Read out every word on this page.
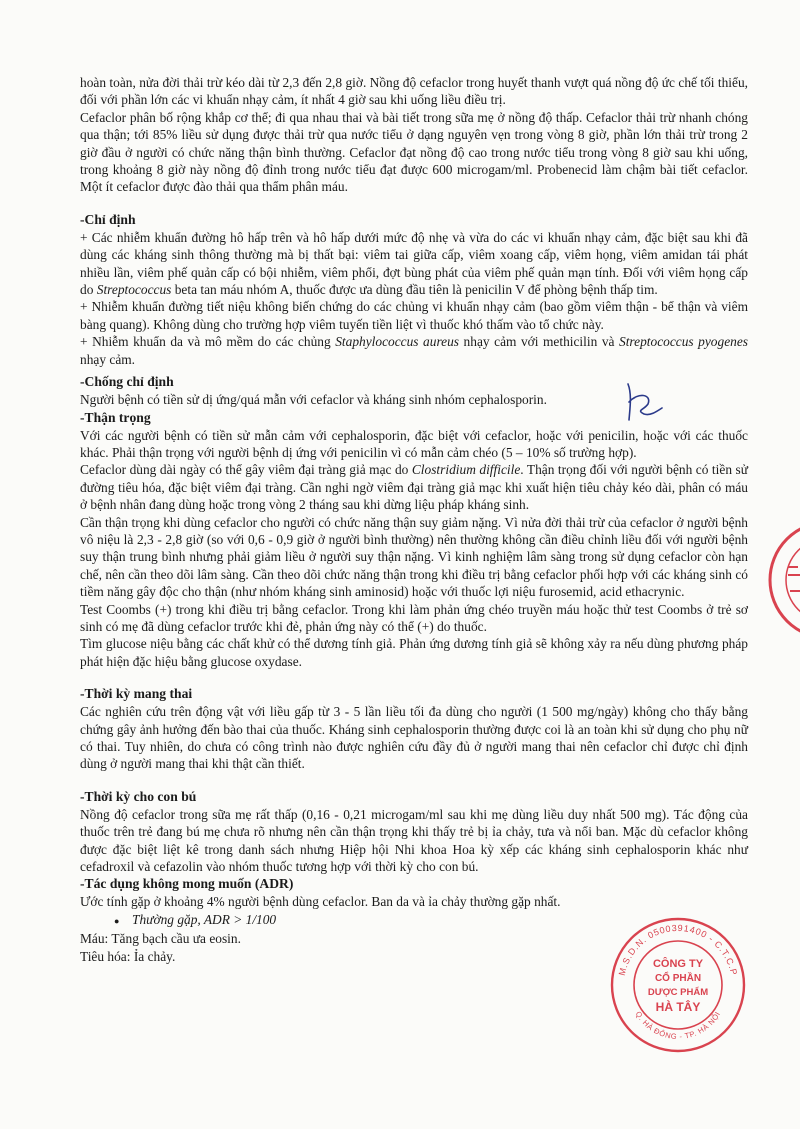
hoàn toàn, nửa đời thải trừ kéo dài từ 2,3 đến 2,8 giờ. Nồng độ cefaclor trong huyết thanh vượt quá nồng độ ức chế tối thiểu, đối với phần lớn các vi khuẩn nhạy cảm, ít nhất 4 giờ sau khi uống liều điều trị.

Cefaclor phân bố rộng khắp cơ thể; đi qua nhau thai và bài tiết trong sữa mẹ ở nồng độ thấp. Cefaclor thải trừ nhanh chóng qua thận; tới 85% liều sử dụng được thải trừ qua nước tiểu ở dạng nguyên vẹn trong vòng 8 giờ, phần lớn thải trừ trong 2 giờ đầu ở người có chức năng thận bình thường. Cefaclor đạt nồng độ cao trong nước tiểu trong vòng 8 giờ sau khi uống, trong khoảng 8 giờ này nồng độ đỉnh trong nước tiểu đạt được 600 microgam/ml. Probenecid làm chậm bài tiết cefaclor. Một ít cefaclor được đào thải qua thẩm phân máu.

-Chỉ định

+ Các nhiễm khuẩn đường hô hấp trên và hô hấp dưới mức độ nhẹ và vừa do các vi khuẩn nhạy cảm, đặc biệt sau khi đã dùng các kháng sinh thông thường mà bị thất bại: viêm tai giữa cấp, viêm xoang cấp, viêm họng, viêm amidan tái phát nhiều lần, viêm phế quản cấp có bội nhiễm, viêm phổi, đợt bùng phát của viêm phế quản mạn tính. Đối với viêm họng cấp do Streptococcus beta tan máu nhóm A, thuốc được ưa dùng đầu tiên là penicilin V để phòng bệnh thấp tim.

+ Nhiễm khuẩn đường tiết niệu không biến chứng do các chủng vi khuẩn nhạy cảm (bao gồm viêm thận - bể thận và viêm bàng quang). Không dùng cho trường hợp viêm tuyến tiền liệt vì thuốc khó thấm vào tổ chức này.

+ Nhiễm khuẩn da và mô mềm do các chủng Staphylococcus aureus nhạy cảm với methicilin và Streptococcus pyogenes nhạy cảm.

-Chống chỉ định

Người bệnh có tiền sử dị ứng/quá mẫn với cefaclor và kháng sinh nhóm cephalosporin.

-Thận trọng

Với các người bệnh có tiền sử mẫn cảm với cephalosporin, đặc biệt với cefaclor, hoặc với penicilin, hoặc với các thuốc khác. Phải thận trọng với người bệnh dị ứng với penicilin vì có mẫn cảm chéo (5 – 10% số trường hợp).

Cefaclor dùng dài ngày có thể gây viêm đại tràng giả mạc do Clostridium difficile. Thận trọng đối với người bệnh có tiền sử đường tiêu hóa, đặc biệt viêm đại tràng. Cần nghi ngờ viêm đại tràng giả mạc khi xuất hiện tiêu chảy kéo dài, phân có máu ở bệnh nhân đang dùng hoặc trong vòng 2 tháng sau khi dừng liệu pháp kháng sinh.

Cần thận trọng khi dùng cefaclor cho người có chức năng thận suy giảm nặng. Vì nửa đời thải trừ của cefaclor ở người bệnh vô niệu là 2,3 - 2,8 giờ (so với 0,6 - 0,9 giờ ở người bình thường) nên thường không cần điều chỉnh liều đối với người bệnh suy thận trung bình nhưng phải giảm liều ở người suy thận nặng. Vì kinh nghiệm lâm sàng trong sử dụng cefaclor còn hạn chế, nên cần theo dõi lâm sàng. Cần theo dõi chức năng thận trong khi điều trị bằng cefaclor phối hợp với các kháng sinh có tiềm năng gây độc cho thận (như nhóm kháng sinh aminosid) hoặc với thuốc lợi niệu furosemid, acid ethacrynic.

Test Coombs (+) trong khi điều trị bằng cefaclor. Trong khi làm phản ứng chéo truyền máu hoặc thử test Coombs ở trẻ sơ sinh có mẹ đã dùng cefaclor trước khi đẻ, phản ứng này có thể (+) do thuốc.

Tìm glucose niệu bằng các chất khử có thể dương tính giả. Phản ứng dương tính giả sẽ không xảy ra nếu dùng phương pháp phát hiện đặc hiệu bằng glucose oxydase.

-Thời kỳ mang thai

Các nghiên cứu trên động vật với liều gấp từ 3 - 5 lần liều tối đa dùng cho người (1 500 mg/ngày) không cho thấy bằng chứng gây ảnh hưởng đến bào thai của thuốc. Kháng sinh cephalosporin thường được coi là an toàn khi sử dụng cho phụ nữ có thai. Tuy nhiên, do chưa có công trình nào được nghiên cứu đầy đủ ở người mang thai nên cefaclor chỉ được chỉ định dùng ở người mang thai khi thật cần thiết.

-Thời kỳ cho con bú

Nồng độ cefaclor trong sữa mẹ rất thấp (0,16 - 0,21 microgam/ml sau khi mẹ dùng liều duy nhất 500 mg). Tác động của thuốc trên trẻ đang bú mẹ chưa rõ nhưng nên cần thận trọng khi thấy trẻ bị ỉa chảy, tưa và nổi ban. Mặc dù cefaclor không được đặc biệt liệt kê trong danh sách nhưng Hiệp hội Nhi khoa Hoa kỳ xếp các kháng sinh cephalosporin khác như cefadroxil và cefazolin vào nhóm thuốc tương hợp với thời kỳ cho con bú.

-Tác dụng không mong muốn (ADR)

Ước tính gặp ở khoảng 4% người bệnh dùng cefaclor. Ban da và ỉa chảy thường gặp nhất.

● Thường gặp, ADR > 1/100

Máu: Tăng bạch cầu ưa eosin.

Tiêu hóa: Ỉa chảy.

M.S.D.N. 0500391400 - C.T.C.P
Q. HÀ ĐÔNG - TP. HÀ NỘI
CÔNG TY
CỔ PHẦN
DƯỢC PHẨM
HÀ TÂY
